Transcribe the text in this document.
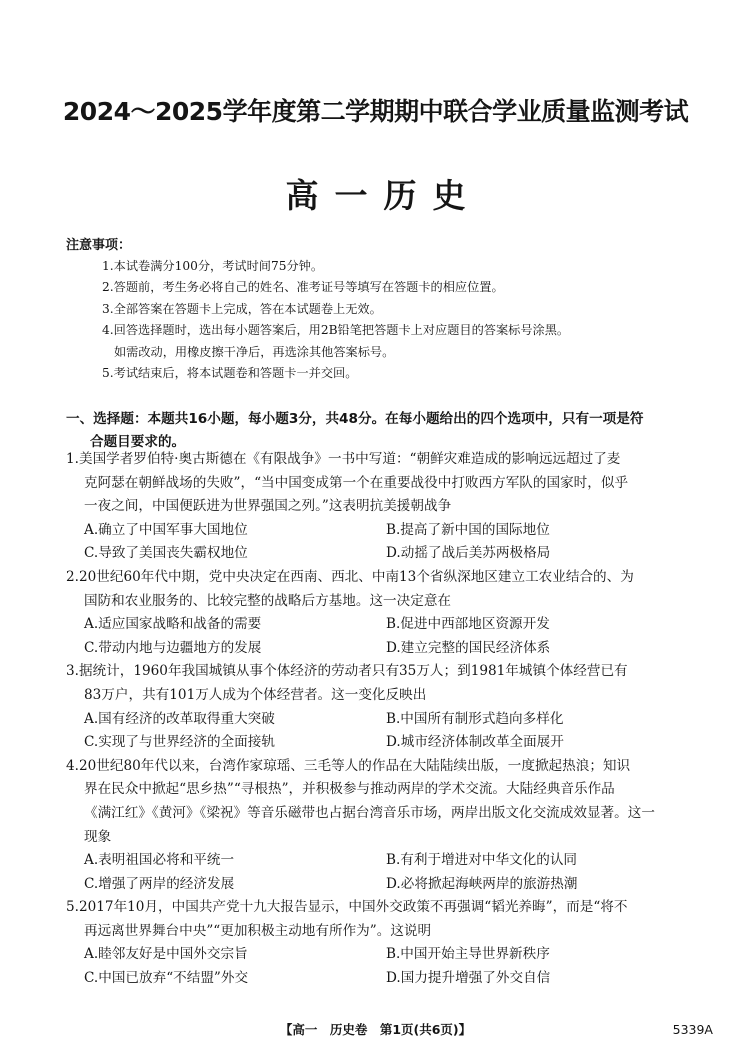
2024～2025学年度第二学期期中联合学业质量监测考试
高一历史
注意事项：
1.本试卷满分100分，考试时间75分钟。
2.答题前，考生务必将自己的姓名、准考证号等填写在答题卡的相应位置。
3.全部答案在答题卡上完成，答在本试题卷上无效。
4.回答选择题时，选出每小题答案后，用2B铅笔把答题卡上对应题目的答案标号涂黑。
如需改动，用橡皮擦干净后，再选涂其他答案标号。
5.考试结束后，将本试题卷和答题卡一并交回。
一、选择题：本题共16小题，每小题3分，共48分。在每小题给出的四个选项中，只有一项是符
合题目要求的。
1.美国学者罗伯特·奥古斯德在《有限战争》一书中写道：“朝鲜灾难造成的影响远远超过了麦
克阿瑟在朝鲜战场的失败”，“当中国变成第一个在重要战役中打败西方军队的国家时，似乎
一夜之间，中国便跃进为世界强国之列。”这表明抗美援朝战争
A.确立了中国军事大国地位	B.提高了新中国的国际地位
C.导致了美国丧失霸权地位	D.动摇了战后美苏两极格局
2.20世纪60年代中期，党中央决定在西南、西北、中南13个省纵深地区建立工农业结合的、为
国防和农业服务的、比较完整的战略后方基地。这一决定意在
A.适应国家战略和战备的需要	B.促进中西部地区资源开发
C.带动内地与边疆地方的发展	D.建立完整的国民经济体系
3.据统计，1960年我国城镇从事个体经济的劳动者只有35万人；到1981年城镇个体经营已有
83万户，共有101万人成为个体经营者。这一变化反映出
A.国有经济的改革取得重大突破	B.中国所有制形式趋向多样化
C.实现了与世界经济的全面接轨	D.城市经济体制改革全面展开
4.20世纪80年代以来，台湾作家琼瑶、三毛等人的作品在大陆陆续出版，一度掀起热浪；知识
界在民众中掀起“思乡热”“寻根热”，并积极参与推动两岸的学术交流。大陆经典音乐作品
《满江红》《黄河》《梁祝》等音乐磁带也占据台湾音乐市场，两岸出版文化交流成效显著。这一
现象
A.表明祖国必将和平统一	B.有利于增进对中华文化的认同
C.增强了两岸的经济发展	D.必将掀起海峡两岸的旅游热潮
5.2017年10月，中国共产党十九大报告显示，中国外交政策不再强调“韬光养晦”，而是“将不
再远离世界舞台中央”“更加积极主动地有所作为”。这说明
A.睦邻友好是中国外交宗旨	B.中国开始主导世界新秩序
C.中国已放弃“不结盟”外交	D.国力提升增强了外交自信
【高一　历史卷　第1页(共6页)】	5339A
